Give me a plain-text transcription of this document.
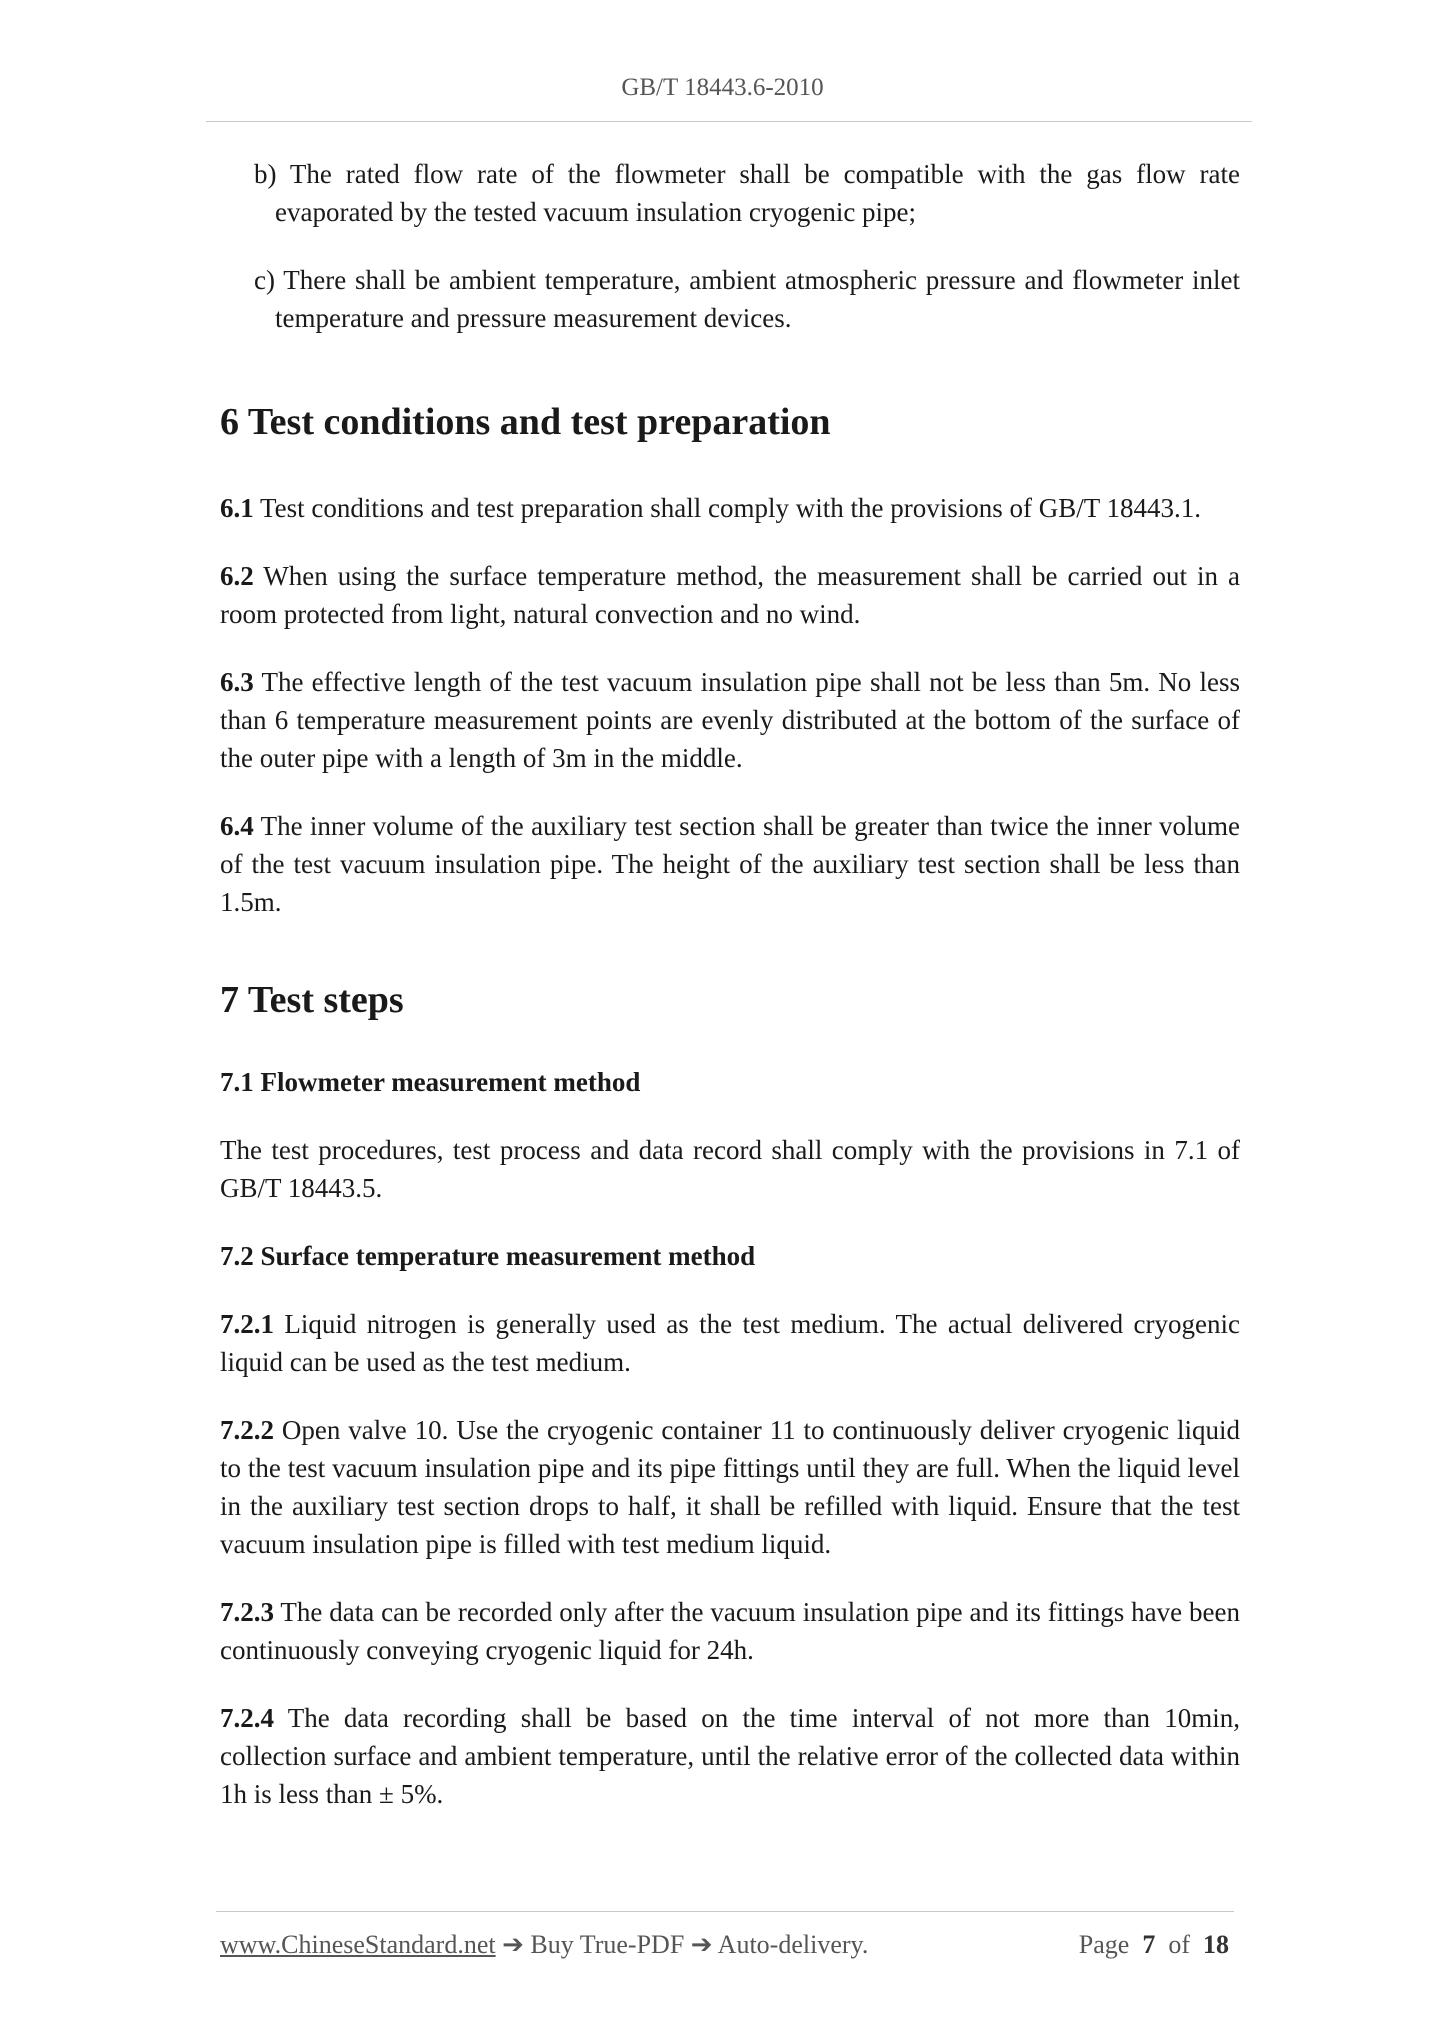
GB/T 18443.6-2010

b) The rated flow rate of the flowmeter shall be compatible with the gas flow rate evaporated by the tested vacuum insulation cryogenic pipe;

c) There shall be ambient temperature, ambient atmospheric pressure and flowmeter inlet temperature and pressure measurement devices.

6 Test conditions and test preparation

6.1 Test conditions and test preparation shall comply with the provisions of GB/T 18443.1.

6.2 When using the surface temperature method, the measurement shall be carried out in a room protected from light, natural convection and no wind.

6.3 The effective length of the test vacuum insulation pipe shall not be less than 5m. No less than 6 temperature measurement points are evenly distributed at the bottom of the surface of the outer pipe with a length of 3m in the middle.

6.4 The inner volume of the auxiliary test section shall be greater than twice the inner volume of the test vacuum insulation pipe. The height of the auxiliary test section shall be less than 1.5m.

7 Test steps
7.1 Flowmeter measurement method

The test procedures, test process and data record shall comply with the provisions in 7.1 of GB/T 18443.5.

7.2 Surface temperature measurement method

7.2.1 Liquid nitrogen is generally used as the test medium. The actual delivered cryogenic liquid can be used as the test medium.

7.2.2 Open valve 10. Use the cryogenic container 11 to continuously deliver cryogenic liquid to the test vacuum insulation pipe and its pipe fittings until they are full. When the liquid level in the auxiliary test section drops to half, it shall be refilled with liquid. Ensure that the test vacuum insulation pipe is filled with test medium liquid.

7.2.3 The data can be recorded only after the vacuum insulation pipe and its fittings have been continuously conveying cryogenic liquid for 24h.

7.2.4 The data recording shall be based on the time interval of not more than 10min, collection surface and ambient temperature, until the relative error of the collected data within 1h is less than ± 5%.

www.ChineseStandard.net ➔ Buy True-PDF ➔ Auto-delivery.	Page 7 of 18
